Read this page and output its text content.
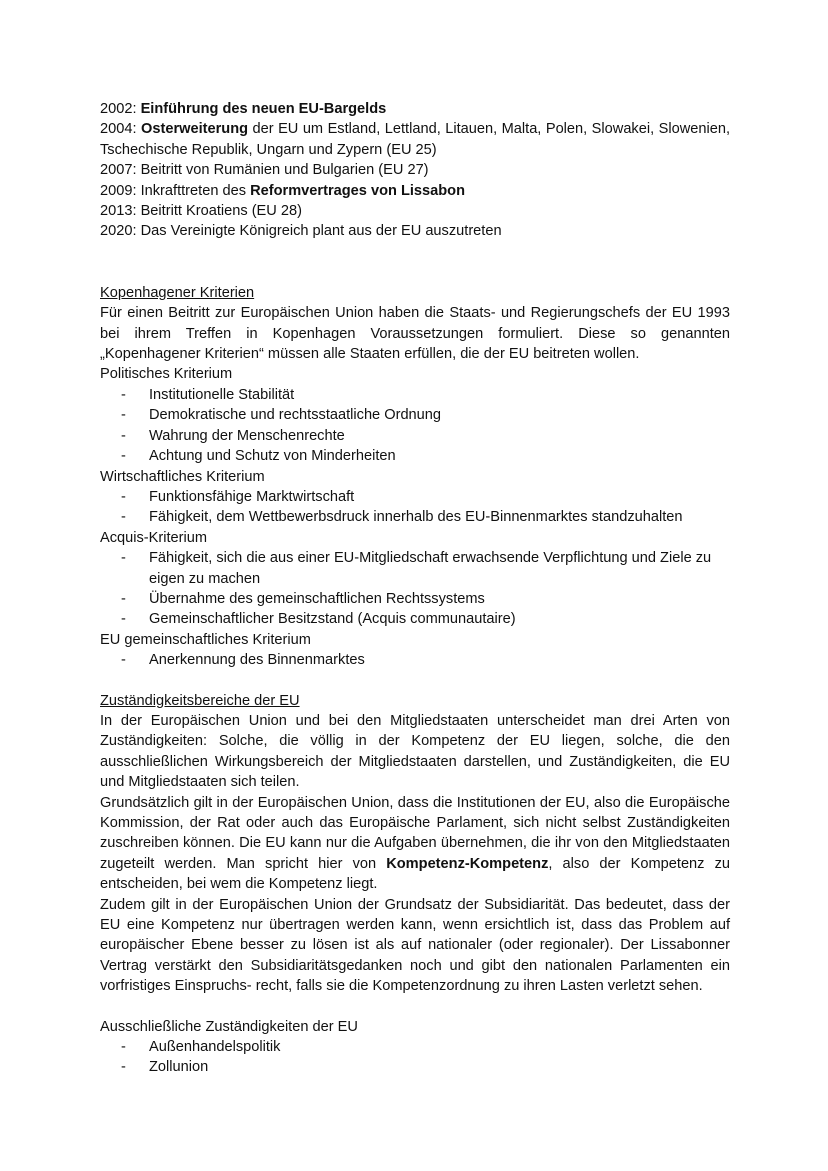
2002: Einführung des neuen EU-Bargelds

2004: Osterweiterung der EU um Estland, Lettland, Litauen, Malta, Polen, Slowakei, Slowenien, Tschechische Republik, Ungarn und Zypern (EU 25)

2007: Beitritt von Rumänien und Bulgarien (EU 27)

2009: Inkrafttreten des Reformvertrages von Lissabon

2013: Beitritt Kroatiens (EU 28)

2020: Das Vereinigte Königreich plant aus der EU auszutreten

Kopenhagener Kriterien

Für einen Beitritt zur Europäischen Union haben die Staats- und Regierungschefs der EU 1993 bei ihrem Treffen in Kopenhagen Voraussetzungen formuliert. Diese so genannten „Kopenhagener Kriterien“ müssen alle Staaten erfüllen, die der EU beitreten wollen.

Politisches Kriterium

- Institutionelle Stabilität
- Demokratische und rechtsstaatliche Ordnung
- Wahrung der Menschenrechte
- Achtung und Schutz von Minderheiten

Wirtschaftliches Kriterium

- Funktionsfähige Marktwirtschaft
- Fähigkeit, dem Wettbewerbsdruck innerhalb des EU-Binnenmarktes standzuhalten

Acquis-Kriterium

- Fähigkeit, sich die aus einer EU-Mitgliedschaft erwachsende Verpflichtung und Ziele zu eigen zu machen
- Übernahme des gemeinschaftlichen Rechtssystems
- Gemeinschaftlicher Besitzstand (Acquis communautaire)

EU gemeinschaftliches Kriterium

- Anerkennung des Binnenmarktes

Zuständigkeitsbereiche der EU

In der Europäischen Union und bei den Mitgliedstaaten unterscheidet man drei Arten von Zuständigkeiten: Solche, die völlig in der Kompetenz der EU liegen, solche, die den ausschließlichen Wirkungsbereich der Mitgliedstaaten darstellen, und Zuständigkeiten, die EU und Mitgliedstaaten sich teilen.

Grundsätzlich gilt in der Europäischen Union, dass die Institutionen der EU, also die Europäische Kommission, der Rat oder auch das Europäische Parlament, sich nicht selbst Zuständigkeiten zuschreiben können. Die EU kann nur die Aufgaben übernehmen, die ihr von den Mitgliedstaaten zugeteilt werden. Man spricht hier von Kompetenz-Kompetenz, also der Kompetenz zu entscheiden, bei wem die Kompetenz liegt.

Zudem gilt in der Europäischen Union der Grundsatz der Subsidiarität. Das bedeutet, dass der EU eine Kompetenz nur übertragen werden kann, wenn ersichtlich ist, dass das Problem auf europäischer Ebene besser zu lösen ist als auf nationaler (oder regionaler). Der Lissabonner Vertrag verstärkt den Subsidiaritätsgedanken noch und gibt den nationalen Parlamenten ein vorfristiges Einspruchs- recht, falls sie die Kompetenzordnung zu ihren Lasten verletzt sehen.

Ausschließliche Zuständigkeiten der EU

- Außenhandelspolitik
- Zollunion
